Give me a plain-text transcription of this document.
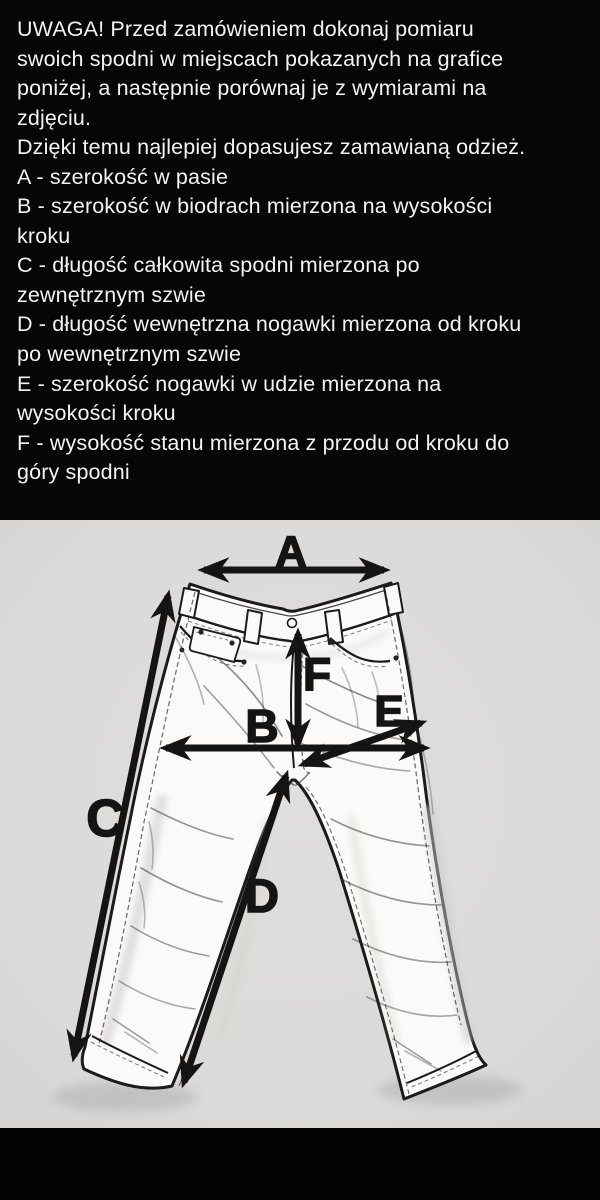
UWAGA! Przed zamówieniem dokonaj pomiaru
swoich spodni w miejscach pokazanych na grafice
poniżej, a następnie porównaj je z wymiarami na
zdjęciu.
Dzięki temu najlepiej dopasujesz zamawianą odzież.
A - szerokość w pasie
B - szerokość w biodrach mierzona na wysokości
kroku
C - długość całkowita spodni mierzona po
zewnętrznym szwie
D - długość wewnętrzna nogawki mierzona od kroku
po wewnętrznym szwie
E - szerokość nogawki w udzie mierzona na
wysokości kroku
F - wysokość stanu mierzona z przodu od kroku do
góry spodni
A
B
C
D
E
F
